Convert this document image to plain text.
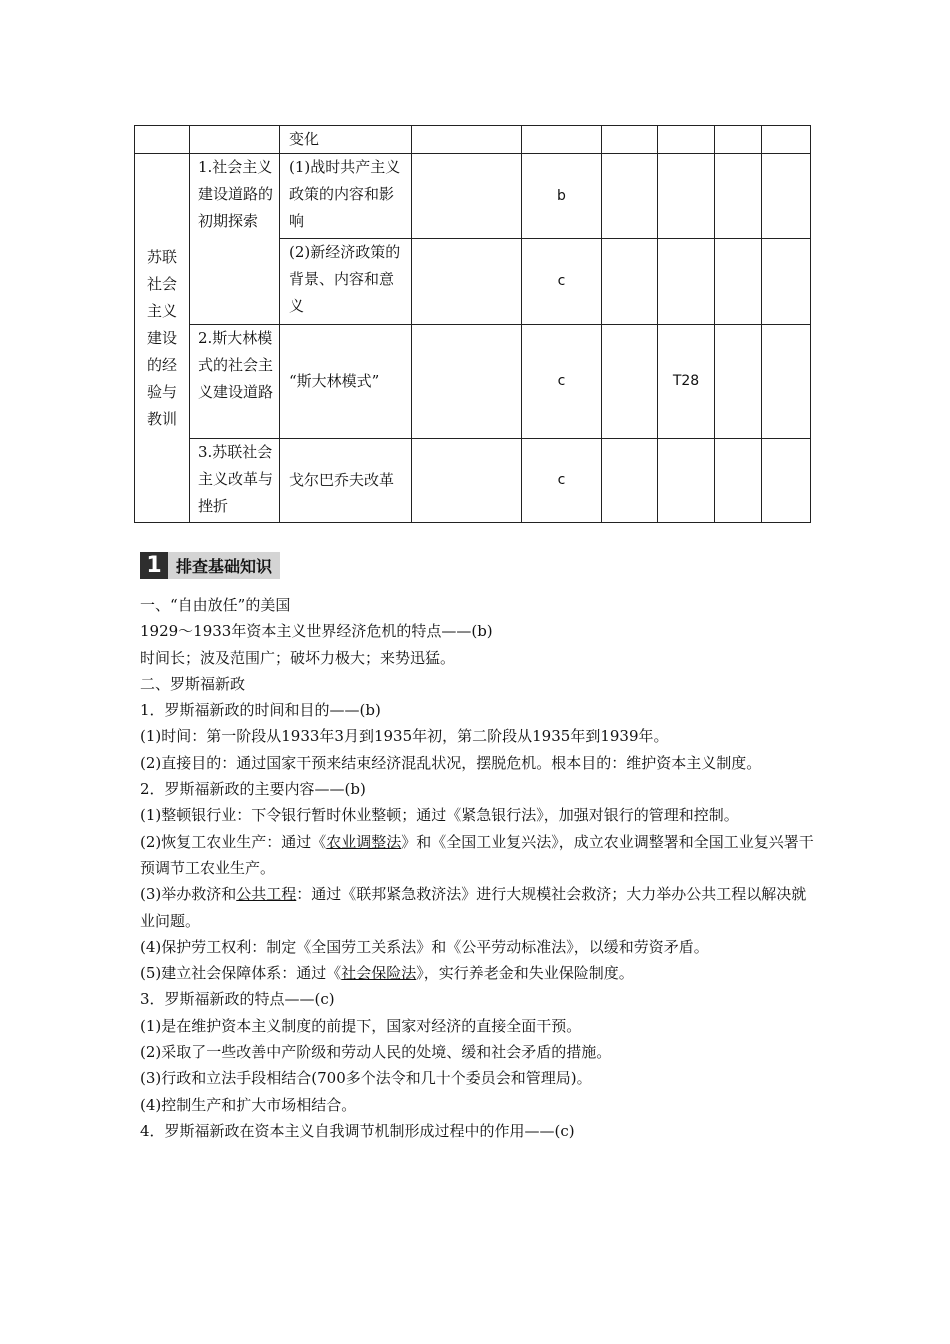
		变化						
苏联社会主义建设的经验与教训	1.社会主义建设道路的初期探索	(1)战时共产主义政策的内容和影响		b				
		(2)新经济政策的背景、内容和意义		c				
	2.斯大林模式的社会主义建设道路	“斯大林模式”		c		T28		
	3.苏联社会主义改革与挫折	戈尔巴乔夫改革		c				
1 排查基础知识

一、“自由放任”的美国

1929～1933年资本主义世界经济危机的特点——(b)

时间长；波及范围广；破坏力极大；来势迅猛。

二、罗斯福新政

1．罗斯福新政的时间和目的——(b)

(1)时间：第一阶段从1933年3月到1935年初，第二阶段从1935年到1939年。

(2)直接目的：通过国家干预来结束经济混乱状况，摆脱危机。根本目的：维护资本主义制度。

2．罗斯福新政的主要内容——(b)

(1)整顿银行业：下令银行暂时休业整顿；通过《紧急银行法》，加强对银行的管理和控制。

(2)恢复工农业生产：通过《农业调整法》和《全国工业复兴法》，成立农业调整署和全国工业复兴署干预调节工农业生产。

(3)举办救济和公共工程：通过《联邦紧急救济法》进行大规模社会救济；大力举办公共工程以解决就业问题。

(4)保护劳工权利：制定《全国劳工关系法》和《公平劳动标准法》，以缓和劳资矛盾。

(5)建立社会保障体系：通过《社会保险法》，实行养老金和失业保险制度。

3．罗斯福新政的特点——(c)

(1)是在维护资本主义制度的前提下，国家对经济的直接全面干预。

(2)采取了一些改善中产阶级和劳动人民的处境、缓和社会矛盾的措施。

(3)行政和立法手段相结合(700多个法令和几十个委员会和管理局)。

(4)控制生产和扩大市场相结合。

4．罗斯福新政在资本主义自我调节机制形成过程中的作用——(c)
